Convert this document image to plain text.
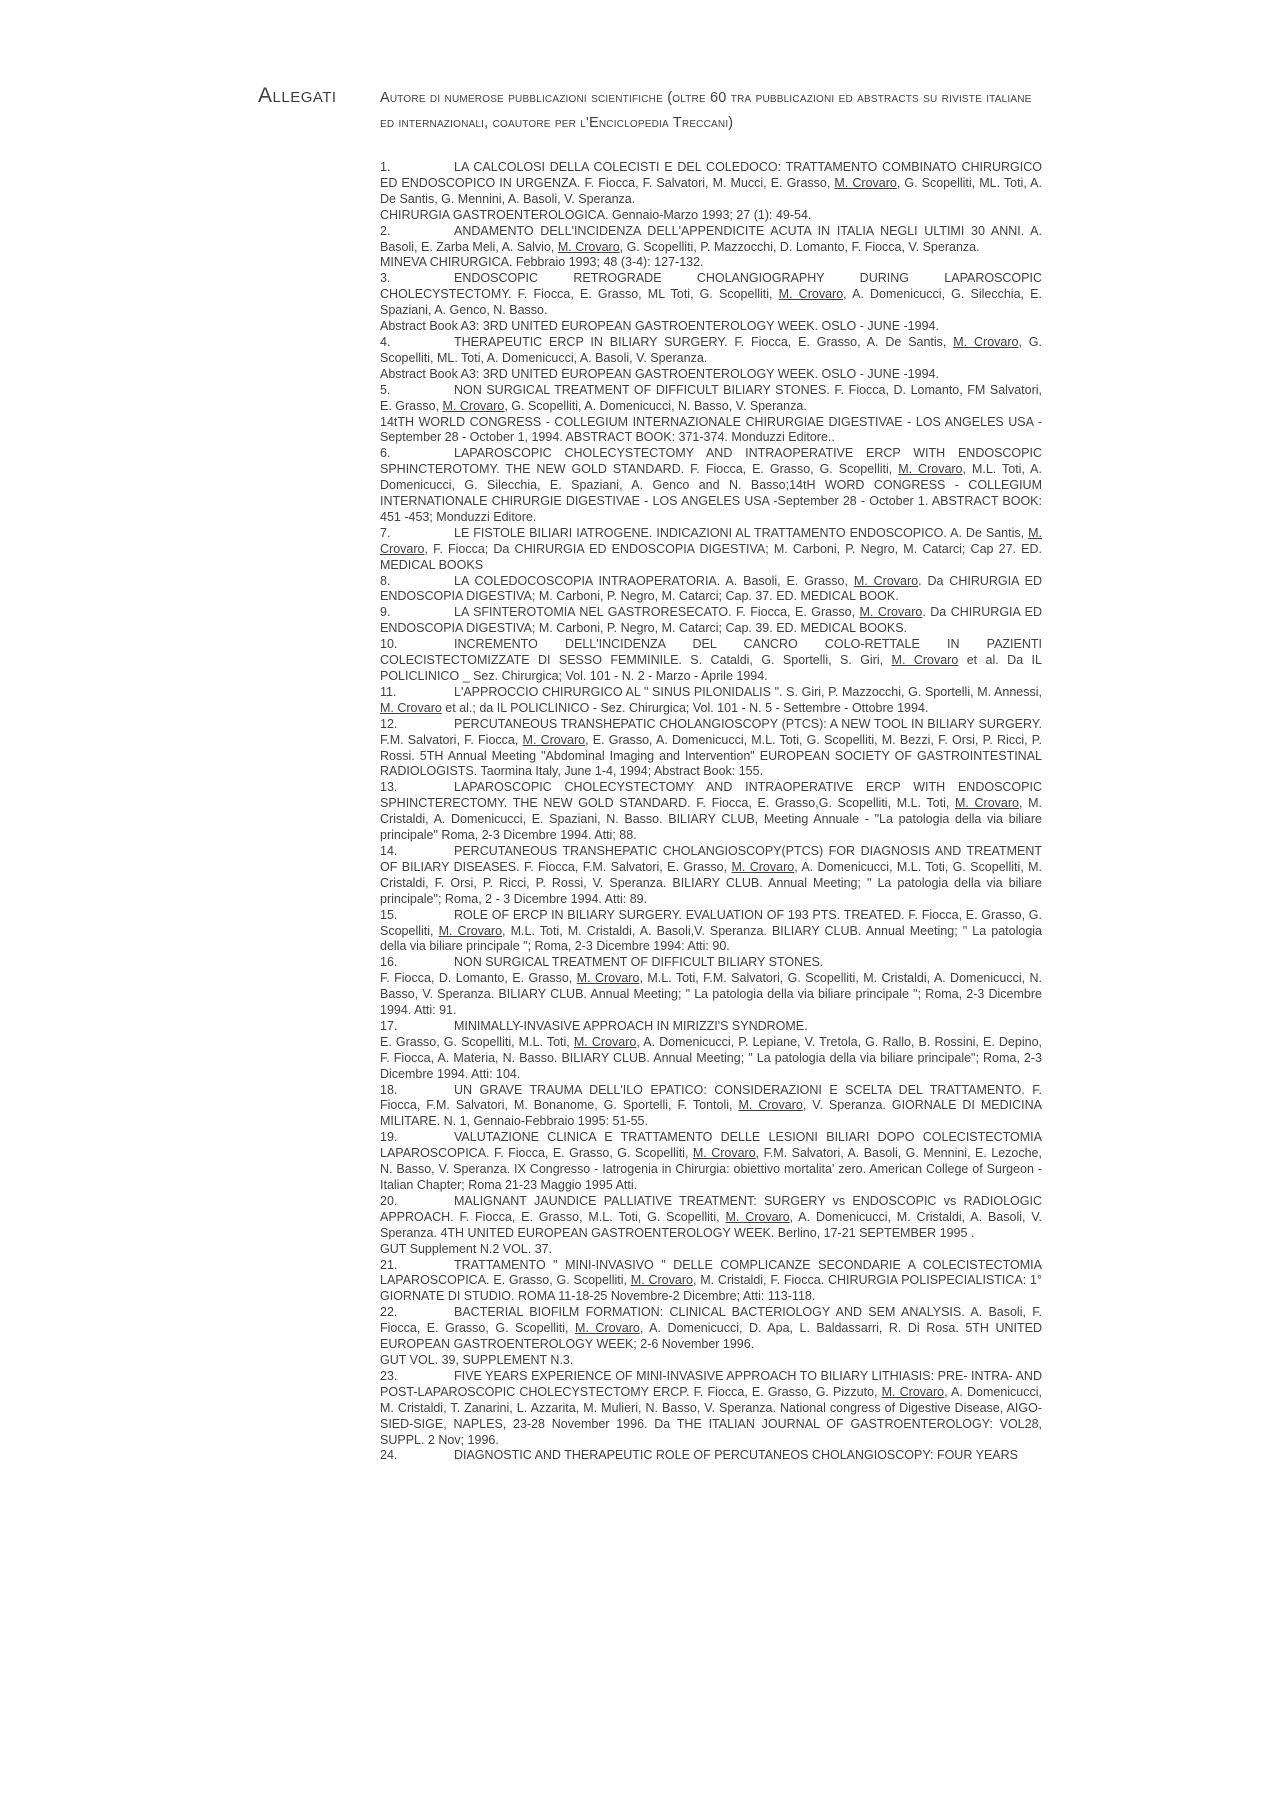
Allegati	Autore di numerose pubblicazioni scientifiche (oltre 60 tra pubblicazioni ed abstracts su riviste italiane ed internazionali, coautore per l'Enciclopedia Treccani)
1.	LA CALCOLOSI DELLA COLECISTI E DEL COLEDOCO: TRATTAMENTO COMBINATO CHIRURGICO ED ENDOSCOPICO IN URGENZA. F. Fiocca, F. Salvatori, M. Mucci, E. Grasso, M. Crovaro, G. Scopelliti, ML. Toti, A. De Santis, G. Mennini, A. Basoli, V. Speranza.
CHIRURGIA GASTROENTEROLOGICA. Gennaio-Marzo 1993; 27 (1): 49-54.
2.	ANDAMENTO DELL'INCIDENZA DELL'APPENDICITE ACUTA IN ITALIA NEGLI ULTIMI 30 ANNI. A. Basoli, E. Zarba Meli, A. Salvio, M. Crovaro, G. Scopelliti, P. Mazzocchi, D. Lomanto, F. Fiocca, V. Speranza.
MINEVA CHIRURGICA. Febbraio 1993; 48 (3-4): 127-132.
3.	ENDOSCOPIC RETROGRADE CHOLANGIOGRAPHY DURING LAPAROSCOPIC CHOLECYSTECTOMY. F. Fiocca, E. Grasso, ML Toti, G. Scopelliti, M. Crovaro, A. Domenicucci, G. Silecchia, E. Spaziani, A. Genco, N. Basso.
Abstract Book A3: 3RD UNITED EUROPEAN GASTROENTEROLOGY WEEK. OSLO - JUNE -1994.
4.	THERAPEUTIC ERCP IN BILIARY SURGERY. F. Fiocca, E. Grasso, A. De Santis, M. Crovaro, G. Scopelliti, ML. Toti, A. Domenicucci, A. Basoli, V. Speranza.
Abstract Book A3: 3RD UNITED EUROPEAN GASTROENTEROLOGY WEEK. OSLO - JUNE -1994.
5.	NON SURGICAL TREATMENT OF DIFFICULT BILIARY STONES. F. Fiocca, D. Lomanto, FM Salvatori, E. Grasso, M. Crovaro, G. Scopelliti, A. Domenicucci, N. Basso, V. Speranza.
14tTH WORLD CONGRESS - COLLEGIUM INTERNAZIONALE CHIRURGIAE DIGESTIVAE - LOS ANGELES USA - September 28 - October 1, 1994. ABSTRACT BOOK: 371-374. Monduzzi Editore..
6.	LAPAROSCOPIC CHOLECYSTECTOMY AND INTRAOPERATIVE ERCP WITH ENDOSCOPIC SPHINCTEROTOMY. THE NEW GOLD STANDARD. F. Fiocca, E. Grasso, G. Scopelliti, M. Crovaro, M.L. Toti, A. Domenicucci, G. Silecchia, E. Spaziani, A. Genco and N. Basso;14tH WORD CONGRESS - COLLEGIUM INTERNATIONALE CHIRURGIE DIGESTIVAE - LOS ANGELES USA -September 28 - October 1. ABSTRACT BOOK: 451 -453; Monduzzi Editore.
7.	LE FISTOLE BILIARI IATROGENE. INDICAZIONI AL TRATTAMENTO ENDOSCOPICO. A. De Santis, M. Crovaro, F. Fiocca; Da CHIRURGIA ED ENDOSCOPIA DIGESTIVA; M. Carboni, P. Negro, M. Catarci; Cap 27. ED. MEDICAL BOOKS
8.	LA COLEDOCOSCOPIA INTRAOPERATORIA. A. Basoli, E. Grasso, M. Crovaro. Da CHIRURGIA ED ENDOSCOPIA DIGESTIVA; M. Carboni, P. Negro, M. Catarci; Cap. 37. ED. MEDICAL BOOK.
9.	LA SFINTEROTOMIA NEL GASTRORESECATO. F. Fiocca, E. Grasso, M. Crovaro. Da CHIRURGIA ED ENDOSCOPIA DIGESTIVA; M. Carboni, P. Negro, M. Catarci; Cap. 39. ED. MEDICAL BOOKS.
10.	INCREMENTO DELL'INCIDENZA DEL CANCRO COLO-RETTALE IN PAZIENTI COLECISTECTOMIZZATE DI SESSO FEMMINILE. S. Cataldi, G. Sportelli, S. Giri, M. Crovaro et al. Da IL POLICLINICO _ Sez. Chirurgica; Vol. 101 - N. 2 - Marzo - Aprile 1994.
11.	L'APPROCCIO CHIRURGICO AL " SINUS PILONIDALIS ". S. Giri, P. Mazzocchi, G. Sportelli, M. Annessi, M. Crovaro et al.; da IL POLICLINICO - Sez. Chirurgica; Vol. 101 - N. 5 - Settembre - Ottobre 1994.
12.	PERCUTANEOUS TRANSHEPATIC CHOLANGIOSCOPY (PTCS): A NEW TOOL IN BILIARY SURGERY. F.M. Salvatori, F. Fiocca, M. Crovaro, E. Grasso, A. Domenicucci, M.L. Toti, G. Scopelliti, M. Bezzi, F. Orsi, P. Ricci, P. Rossi. 5TH Annual Meeting "Abdominal Imaging and Intervention" EUROPEAN SOCIETY OF GASTROINTESTINAL RADIOLOGISTS. Taormina Italy, June 1-4, 1994; Abstract Book: 155.
13.	LAPAROSCOPIC CHOLECYSTECTOMY AND INTRAOPERATIVE ERCP WITH ENDOSCOPIC SPHINCTERECTOMY. THE NEW GOLD STANDARD. F. Fiocca, E. Grasso,G. Scopelliti, M.L. Toti, M. Crovaro, M. Cristaldi, A. Domenicucci, E. Spaziani, N. Basso. BILIARY CLUB, Meeting Annuale - "La patologia della via biliare principale" Roma, 2-3 Dicembre 1994. Atti; 88.
14.	PERCUTANEOUS TRANSHEPATIC CHOLANGIOSCOPY(PTCS) FOR DIAGNOSIS AND TREATMENT OF BILIARY DISEASES. F. Fiocca, F.M. Salvatori, E. Grasso, M. Crovaro, A. Domenicucci, M.L. Toti, G. Scopelliti, M. Cristaldi, F. Orsi, P. Ricci, P. Rossi, V. Speranza. BILIARY CLUB. Annual Meeting; " La patologia della via biliare principale"; Roma, 2 - 3 Dicembre 1994. Atti: 89.
15.	ROLE OF ERCP IN BILIARY SURGERY. EVALUATION OF 193 PTS. TREATED. F. Fiocca, E. Grasso, G. Scopelliti, M. Crovaro, M.L. Toti, M. Cristaldi, A. Basoli,V. Speranza. BILIARY CLUB. Annual Meeting; " La patologia della via biliare principale "; Roma, 2-3 Dicembre 1994: Atti: 90.
16.	NON SURGICAL TREATMENT OF DIFFICULT BILIARY STONES.
F. Fiocca, D. Lomanto, E. Grasso, M. Crovaro, M.L. Toti, F.M. Salvatori, G. Scopelliti, M. Cristaldi, A. Domenicucci, N. Basso, V. Speranza. BILIARY CLUB. Annual Meeting; " La patologia della via biliare principale "; Roma, 2-3 Dicembre 1994. Atti: 91.
17.	MINIMALLY-INVASIVE APPROACH IN MIRIZZI'S SYNDROME.
E. Grasso, G. Scopelliti, M.L. Toti, M. Crovaro, A. Domenicucci, P. Lepiane, V. Tretola, G. Rallo, B. Rossini, E. Depino, F. Fiocca, A. Materia, N. Basso. BILIARY CLUB. Annual Meeting; " La patologia della via biliare principale"; Roma, 2-3 Dicembre 1994. Atti: 104.
18.	UN GRAVE TRAUMA DELL'ILO EPATICO: CONSIDERAZIONI E SCELTA DEL TRATTAMENTO. F. Fiocca, F.M. Salvatori, M. Bonanome, G. Sportelli, F. Tontoli, M. Crovaro, V. Speranza. GIORNALE DI MEDICINA MILITARE. N. 1, Gennaio-Febbraio 1995: 51-55.
19.	VALUTAZIONE CLINICA E TRATTAMENTO DELLE LESIONI BILIARI DOPO COLECISTECTOMIA LAPAROSCOPICA. F. Fiocca, E. Grasso, G. Scopelliti, M. Crovaro, F.M. Salvatori, A. Basoli, G. Mennini, E. Lezoche, N. Basso, V. Speranza. IX Congresso - Iatrogenia in Chirurgia: obiettivo mortalita' zero. American College of Surgeon - Italian Chapter; Roma 21-23 Maggio 1995 Atti.
20.	MALIGNANT JAUNDICE PALLIATIVE TREATMENT: SURGERY vs ENDOSCOPIC vs RADIOLOGIC APPROACH. F. Fiocca, E. Grasso, M.L. Toti, G. Scopelliti, M. Crovaro, A. Domenicucci, M. Cristaldi, A. Basoli, V. Speranza. 4TH UNITED EUROPEAN GASTROENTEROLOGY WEEK. Berlino, 17-21 SEPTEMBER 1995 .
GUT Supplement N.2 VOL. 37.
21.	TRATTAMENTO " MINI-INVASIVO " DELLE COMPLICANZE SECONDARIE A COLECISTECTOMIA LAPAROSCOPICA. E. Grasso, G. Scopelliti, M. Crovaro, M. Cristaldi, F. Fiocca. CHIRURGIA POLISPECIALISTICA: 1° GIORNATE DI STUDIO. ROMA 11-18-25 Novembre-2 Dicembre; Atti: 113-118.
22.	BACTERIAL BIOFILM FORMATION: CLINICAL BACTERIOLOGY AND SEM ANALYSIS. A. Basoli, F. Fiocca, E. Grasso, G. Scopelliti, M. Crovaro, A. Domenicucci, D. Apa, L. Baldassarri, R. Di Rosa. 5TH UNITED EUROPEAN GASTROENTEROLOGY WEEK; 2-6 November 1996.
GUT VOL. 39, SUPPLEMENT N.3.
23.	FIVE YEARS EXPERIENCE OF MINI-INVASIVE APPROACH TO BILIARY LITHIASIS: PRE- INTRA- AND POST-LAPAROSCOPIC CHOLECYSTECTOMY ERCP. F. Fiocca, E. Grasso, G. Pizzuto, M. Crovaro, A. Domenicucci, M. Cristaldi, T. Zanarini, L. Azzarita, M. Mulieri, N. Basso, V. Speranza. National congress of Digestive Disease, AIGO-SIED-SIGE, NAPLES, 23-28 November 1996. Da THE ITALIAN JOURNAL OF GASTROENTEROLOGY: VOL28, SUPPL. 2 Nov; 1996.
24.	DIAGNOSTIC AND THERAPEUTIC ROLE OF PERCUTANEOS CHOLANGIOSCOPY: FOUR YEARS
